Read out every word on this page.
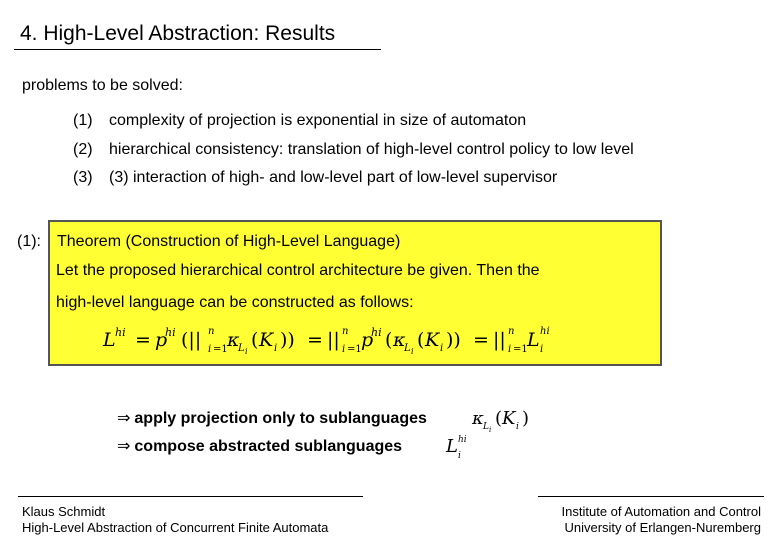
4. High-Level Abstraction: Results
problems to be solved:
(1) complexity of projection is exponential in size of automaton
(2) hierarchical consistency: translation of high-level control policy to low level
(3) (3) interaction of high- and low-level part of low-level supervisor
(1): Theorem (Construction of High-Level Language)
Let the proposed hierarchical control architecture be given. Then the
high-level language can be constructed as follows:
L hi = p
hi (|| n
i =1 κ
L i
( K i )) = || n
i =1 p
hi ( κ
L i
( K i )) = || n
i =1 L hi
i
⇒ apply projection only to sublanguages	κ L i
( K i )
⇒ compose abstracted sublanguages L hi
i
Klaus Schmidt
High-Level Abstraction of Concurrent Finite Automata
Institute of Automation and Control
University of Erlangen-Nuremberg
